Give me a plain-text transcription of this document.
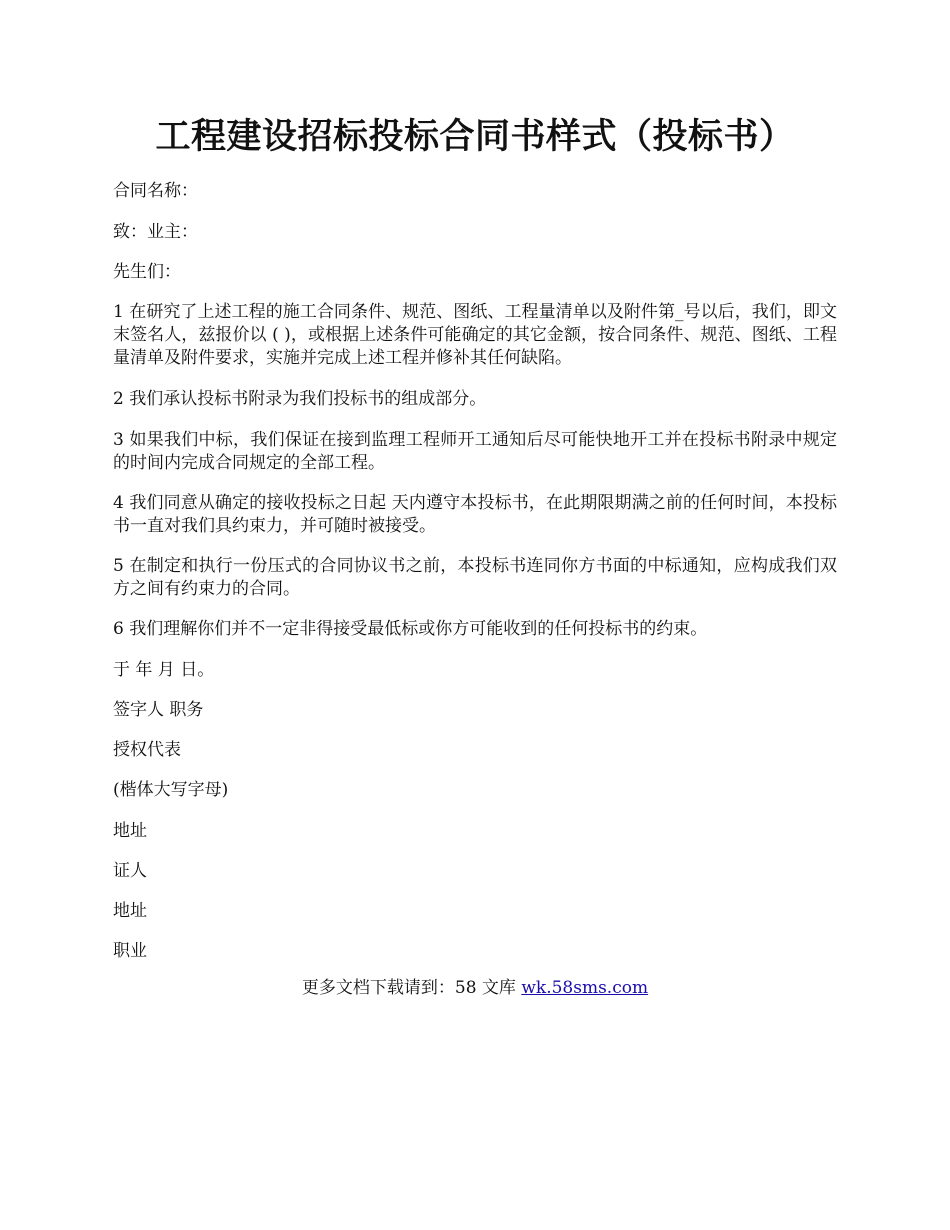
工程建设招标投标合同书样式（投标书）

合同名称：

致：业主：

先生们：

1 在研究了上述工程的施工合同条件、规范、图纸、工程量清单以及附件第_号以后，我们，即文末签名人，兹报价以 ( )，或根据上述条件可能确定的其它金额，按合同条件、规范、图纸、工程量清单及附件要求，实施并完成上述工程并修补其任何缺陷。

2 我们承认投标书附录为我们投标书的组成部分。

3 如果我们中标，我们保证在接到监理工程师开工通知后尽可能快地开工并在投标书附录中规定的时间内完成合同规定的全部工程。

4 我们同意从确定的接收投标之日起 天内遵守本投标书，在此期限期满之前的任何时间，本投标书一直对我们具约束力，并可随时被接受。

5 在制定和执行一份压式的合同协议书之前，本投标书连同你方书面的中标通知，应构成我们双方之间有约束力的合同。

6 我们理解你们并不一定非得接受最低标或你方可能收到的任何投标书的约束。

于 年 月 日。

签字人 职务

授权代表

(楷体大写字母)

地址

证人

地址

职业

更多文档下载请到：58 文库 wk.58sms.com
